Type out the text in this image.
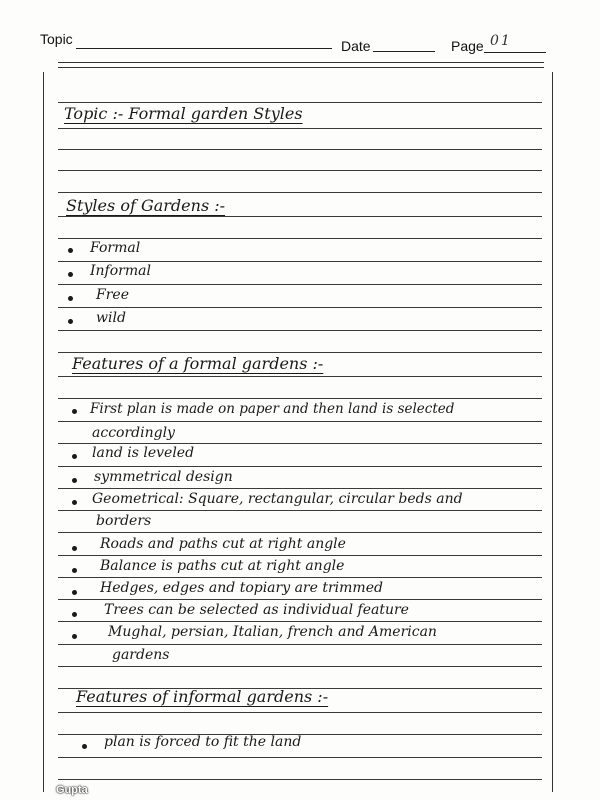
Topic	Date	Page 01
Topic :- Formal garden Styles
Styles of Gardens :-
Formal
Informal
Free
wild
Features of a formal gardens :-
First plan is made on paper and then land is selected
accordingly
land is leveled
symmetrical design
Geometrical: Square, rectangular, circular beds and
borders
Roads and paths cut at right angle
Balance is paths cut at right angle
Hedges, edges and topiary are trimmed
Trees can be selected as individual feature
Mughal, persian, Italian, french and American
gardens
Features of informal gardens :-
plan is forced to fit the land
Gupta
